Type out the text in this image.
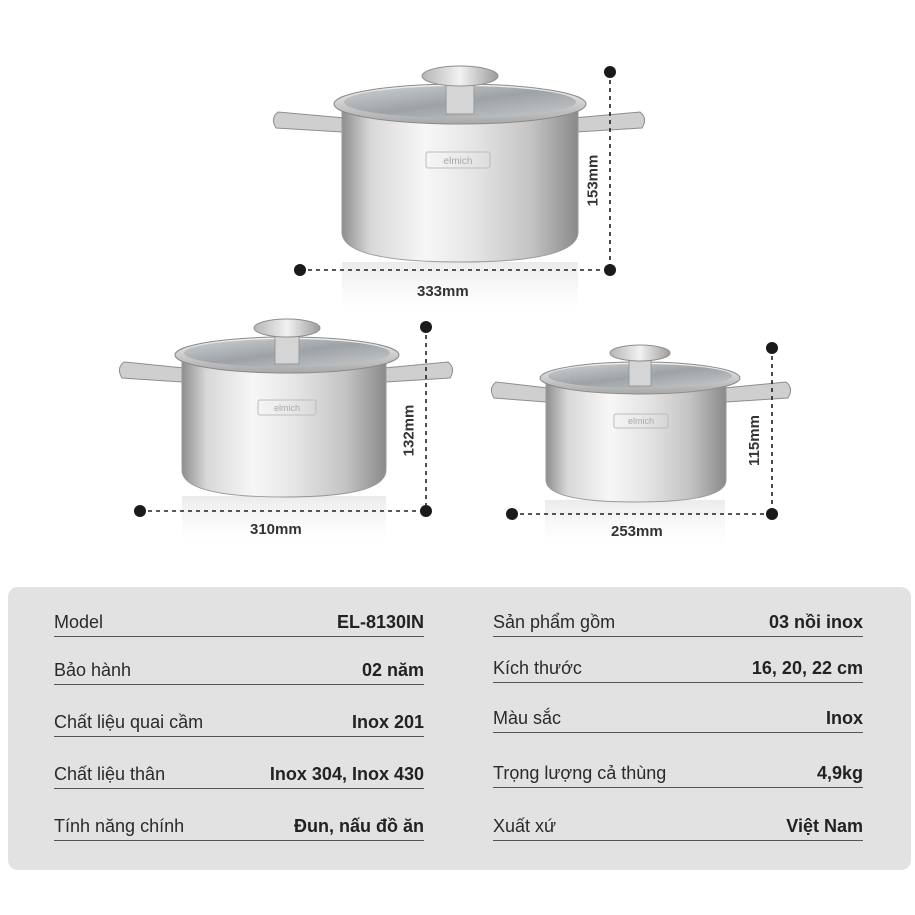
elmich
elmich
elmich
333mm
153mm
310mm
132mm
253mm
115mm
Model	EL-8130IN
Bảo hành	02 năm
Chất liệu quai cầm	Inox 201
Chất liệu thân	Inox 304, Inox 430
Tính năng chính	Đun, nấu đồ ăn
Sản phẩm gồm	03 nồi inox
Kích thước	16, 20, 22 cm
Màu sắc	Inox
Trọng lượng cả thùng	4,9kg
Xuất xứ	Việt Nam
